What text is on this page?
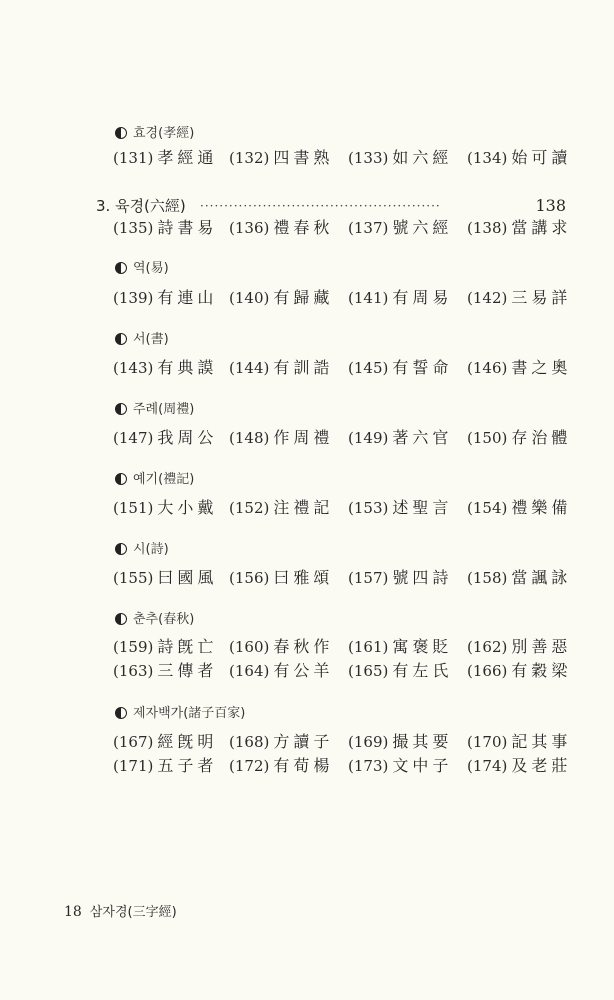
효경(孝經)
(131) 孝經通 (132) 四書熟 (133) 如六經 (134) 始可讀
3. 육경(六經) ··················································	138
(135) 詩書易 (136) 禮春秋 (137) 號六經 (138) 當講求
역(易)
(139) 有連山 (140) 有歸藏 (141) 有周易 (142) 三易詳
서(書)
(143) 有典謨 (144) 有訓誥 (145) 有誓命 (146) 書之奧
주례(周禮)
(147) 我周公 (148) 作周禮 (149) 著六官 (150) 存治體
예기(禮記)
(151) 大小戴 (152) 注禮記 (153) 述聖言 (154) 禮樂備
시(詩)
(155) 曰國風 (156) 曰雅頌 (157) 號四詩 (158) 當諷詠
춘추(春秋)
(159) 詩旣亡 (160) 春秋作 (161) 寓褒貶 (162) 別善惡
(163) 三傳者 (164) 有公羊 (165) 有左氏 (166) 有穀梁
제자백가(諸子百家)
(167) 經旣明 (168) 方讀子 (169) 撮其要 (170) 記其事
(171) 五子者 (172) 有荀楊 (173) 文中子 (174) 及老莊
18 삼자경(三字經)
